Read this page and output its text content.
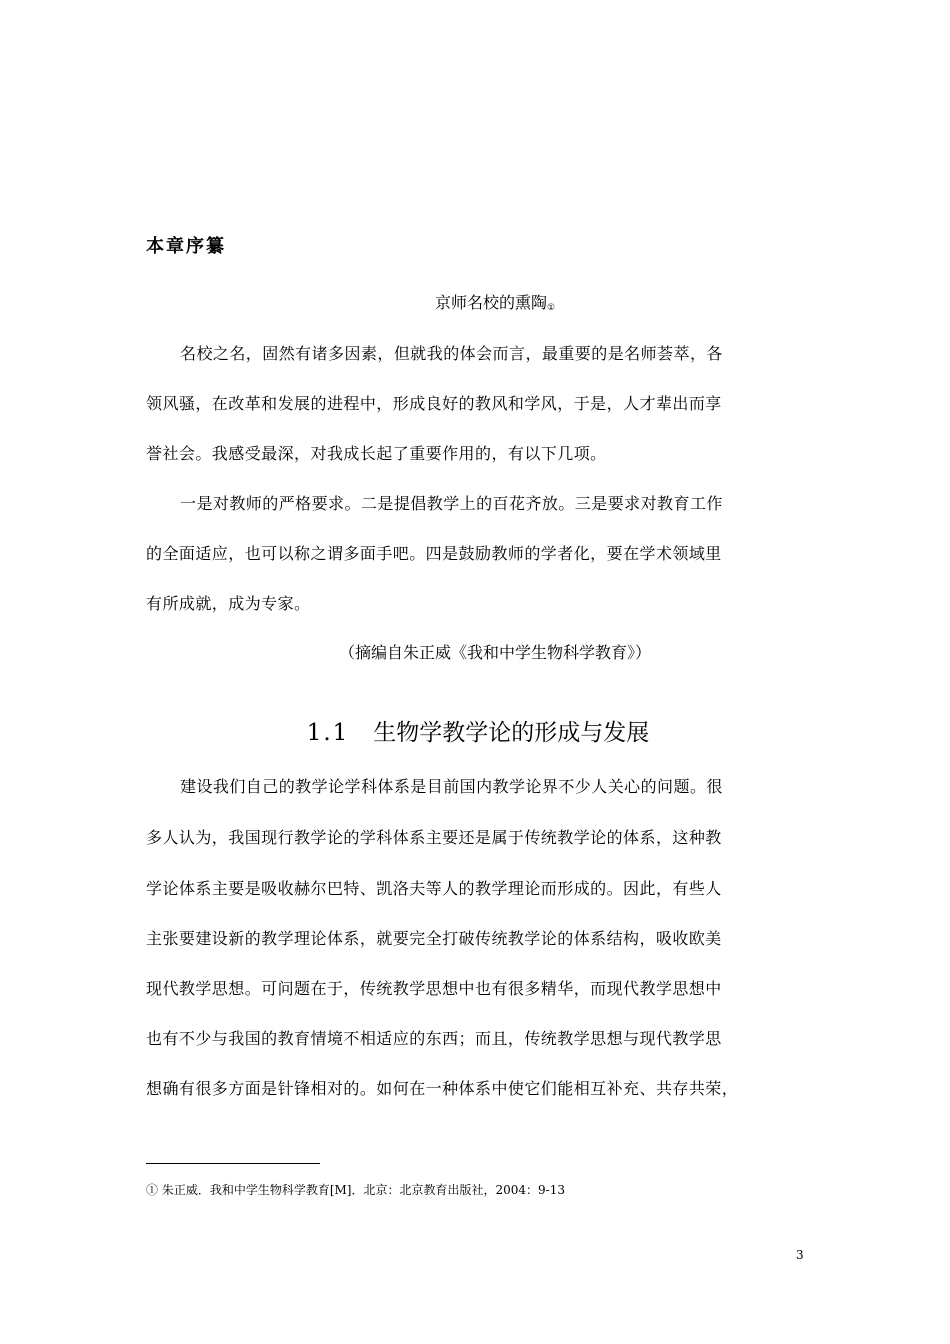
本章序纂
京师名校的熏陶$_①$
名校之名，固然有诸多因素，但就我的体会而言，最重要的是名师荟萃，各
领风骚，在改革和发展的进程中，形成良好的教风和学风，于是，人才辈出而享
誉社会。我感受最深，对我成长起了重要作用的，有以下几项。
一是对教师的严格要求。二是提倡教学上的百花齐放。三是要求对教育工作
的全面适应，也可以称之谓多面手吧。四是鼓励教师的学者化，要在学术领域里
有所成就，成为专家。
（摘编自朱正威《我和中学生物科学教育》）
1.1 生物学教学论的形成与发展
建设我们自己的教学论学科体系是目前国内教学论界不少人关心的问题。很
多人认为，我国现行教学论的学科体系主要还是属于传统教学论的体系，这种教
学论体系主要是吸收赫尔巴特、凯洛夫等人的教学理论而形成的。因此，有些人
主张要建设新的教学理论体系，就要完全打破传统教学论的体系结构，吸收欧美
现代教学思想。可问题在于，传统教学思想中也有很多精华，而现代教学思想中
也有不少与我国的教育情境不相适应的东西；而且，传统教学思想与现代教学思
想确有很多方面是针锋相对的。如何在一种体系中使它们能相互补充、共存共荣，
① 朱正威．我和中学生物科学教育[M]．北京：北京教育出版社，2004：9-13
3
